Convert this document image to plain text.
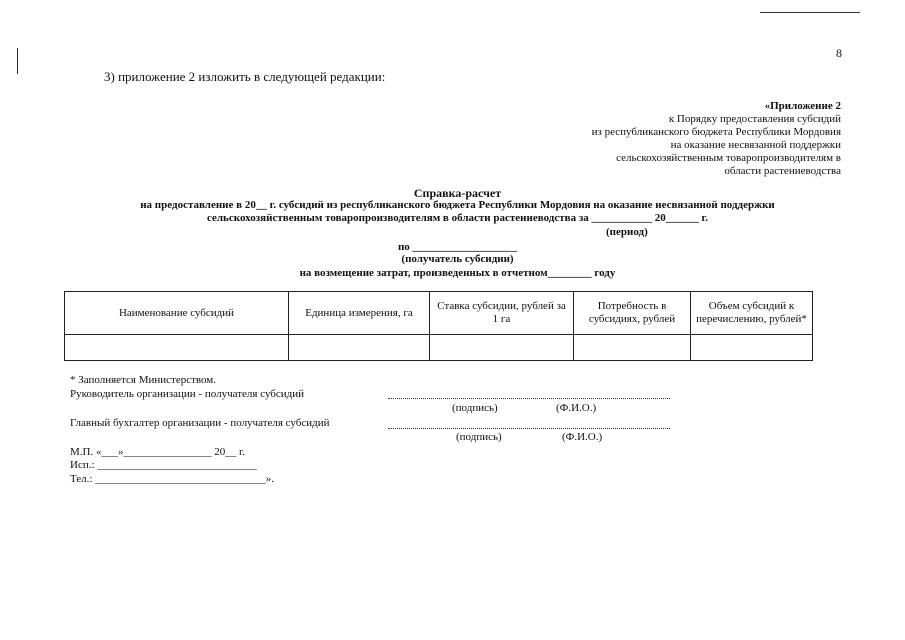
8
3) приложение 2 изложить в следующей редакции:
«Приложение 2
к Порядку предоставления субсидий
из республиканского бюджета Республики Мордовия
на оказание несвязанной поддержки
сельскохозяйственным товаропроизводителям в
области растениеводства
Справка-расчет
на предоставление в 20__ г. субсидий из республиканского бюджета Республики Мордовия на оказание несвязанной поддержки
сельскохозяйственным товаропроизводителям в области растениеводства за ___________ 20______ г.
(период)
по ___________________
(получатель субсидии)
на возмещение затрат, произведенных в отчетном________ году
Наименование субсидий	Единица измерения, га	Ставка субсидии, рублей за 1 га	Потребность в субсидиях, рублей	Объем субсидий к перечислению, рублей*

* Заполняется Министерством.
Руководитель организации - получателя субсидий
(подпись)	(Ф.И.О.)
Главный бухгалтер организации - получателя субсидий
(подпись)	(Ф.И.О.)
М.П. «___»________________ 20__ г.
Исп.: _____________________________
Тел.: _______________________________».
